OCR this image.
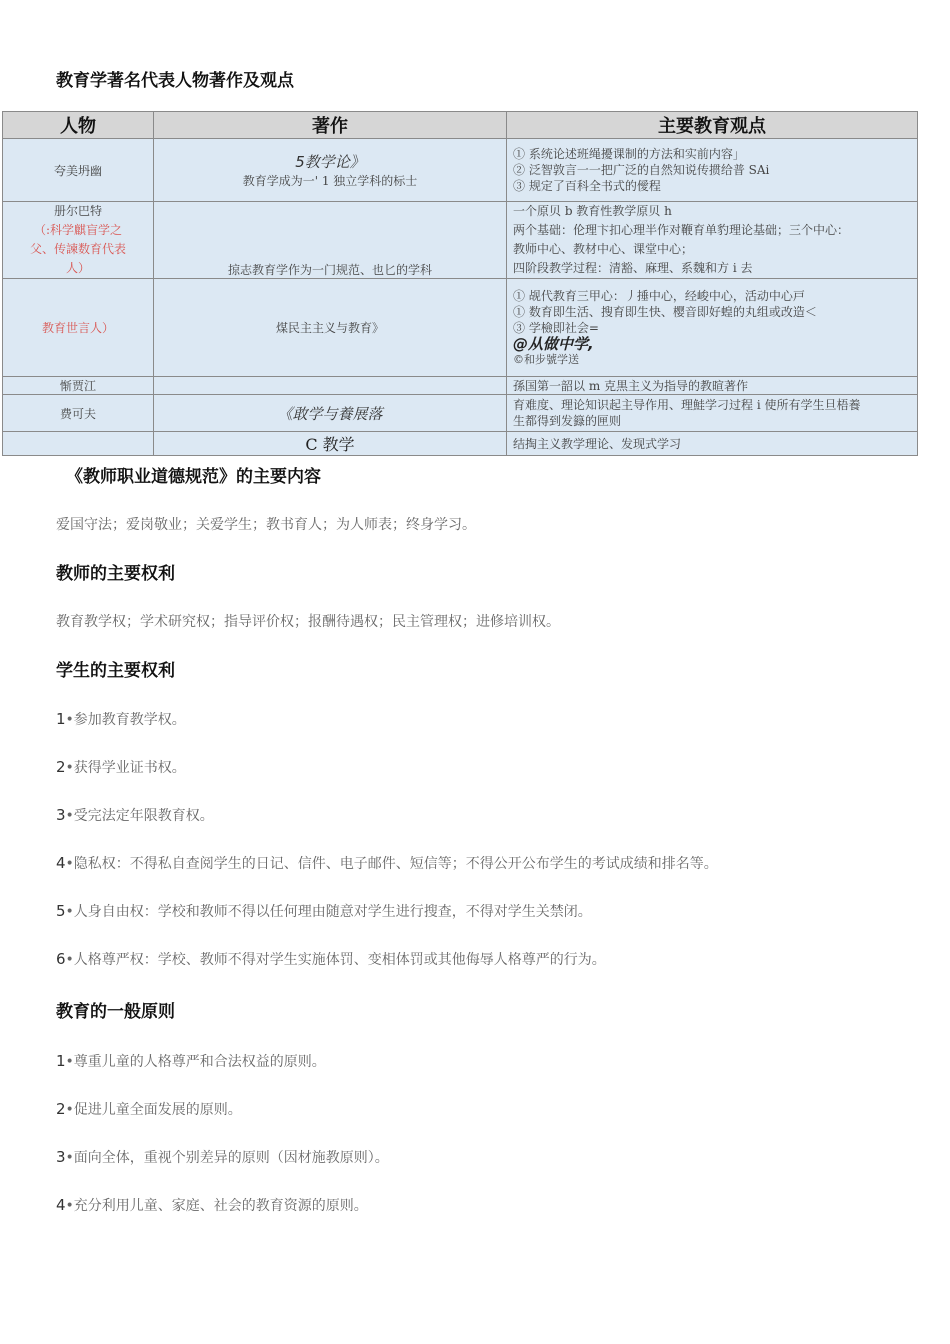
教育学著名代表人物著作及观点
人物	著作	主要教育观点

夸美坍幽	5教学论》
教育学成为一' 1 独立学科的标士	① 系统论述班绳擾课制的方法和实前内容」
② 泛智敦言一一把广泛的自然知说传掼给普 SAi
③ 规定了百科全书式的僾程

册尔巴特
（:科学麒盲学之
父、传諫数育代表
人）	掠志教育学作为一门规范、也匕的学科	一个原贝 b 教育性教学原贝 h
两个基础：伦理卞扣心理半作对鞭育单豹理论基础；三个中心：
教师中心、教材中心、课堂中心；
四阶段教学过程：清豁、麻理、系魏和方 i 去

教育世言人）	煤民主主义与教育》	① 觇代教育三甲心：丿捶中心，经峻中心，活动中心戸
① 数育即生活、搜育即生快、樱音即好蝗的丸组或改造＜
③ 学檢即社会=
@从做中学,
©和步號学送

惭贾江		孫国第一韶以 m 克黒主义为指导的教暄著作

费可夫	《敢学与養展落	育难度、理论知识起主导作用、理鮭学刁过程 i 使所有学生旦梧養
生都得到发籙的匣则

	C 教学	结掏主义教学理论、发现式学习
《教师职业道德规范》的主要内容

爱国守法；爱岗敬业；关爱学生；教书育人；为人师表；终身学习。

教师的主要权利

教育教学权；学术研究权；指导评价权；报酬待遇权；民主管理权；进修培训权。

学生的主要权利

1•参加教育教学权。

2•获得学业证书权。

3•受完法定年限教育权。

4•隐私权：不得私自查阅学生的日记、信件、电子邮件、短信等；不得公开公布学生的考试成绩和排名等。

5•人身自由权：学校和教师不得以任何理由随意对学生进行搜查，不得对学生关禁闭。

6•人格尊严权：学校、教师不得对学生实施体罚、变相体罚或其他侮辱人格尊严的行为。

教育的一般原则

1•尊重儿童的人格尊严和合法权益的原则。

2•促进儿童全面发展的原则。

3•面向全体，重视个别差异的原则（因材施教原则）。

4•充分利用儿童、家庭、社会的教育资源的原则。
